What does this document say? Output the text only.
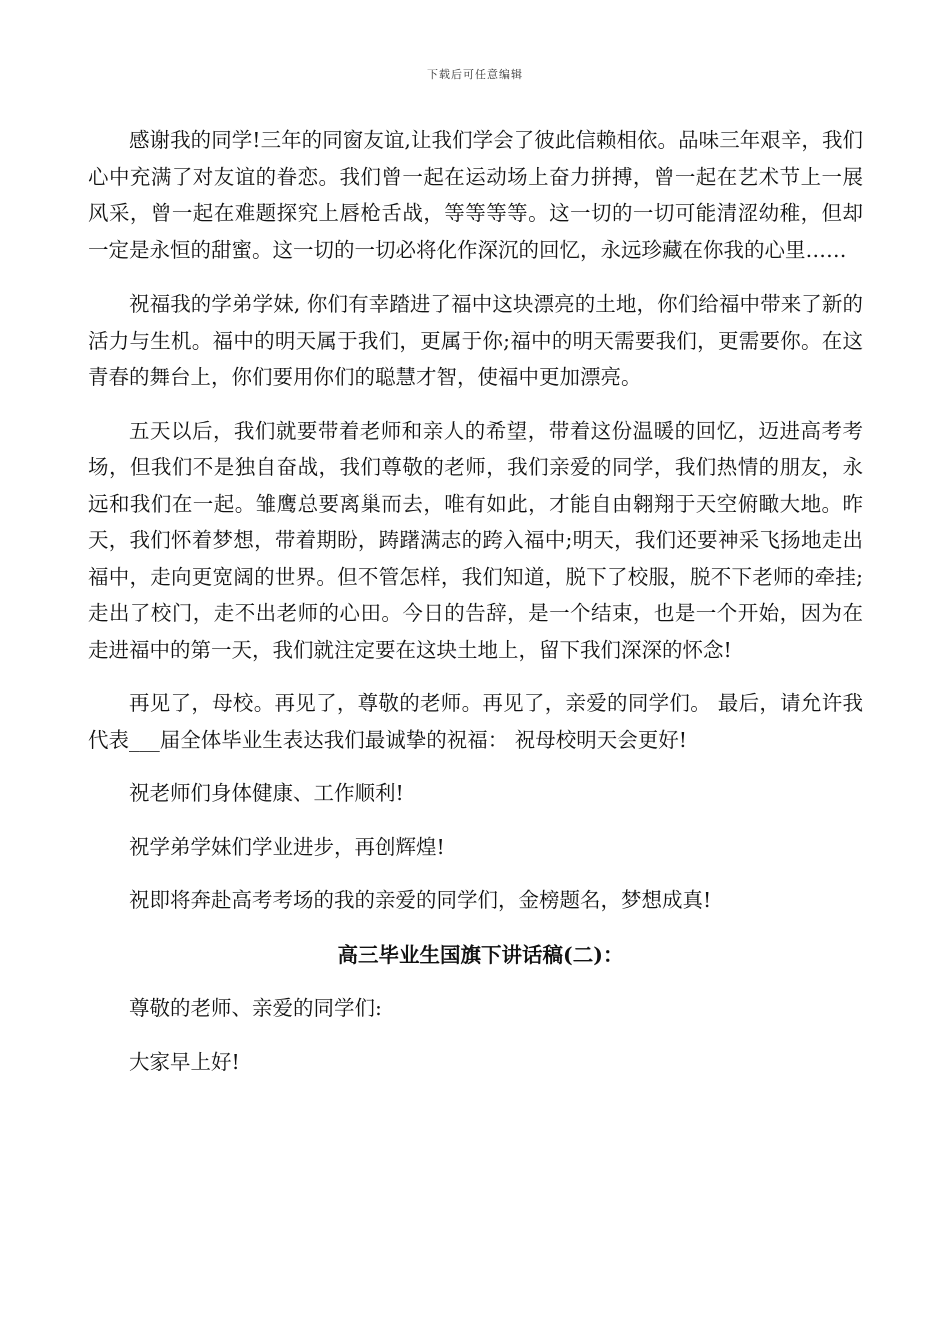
下载后可任意编辑

感谢我的同学!三年的同窗友谊,让我们学会了彼此信赖相依。品味三年艰辛，我们心中充满了对友谊的眷恋。我们曾一起在运动场上奋力拼搏，曾一起在艺术节上一展风采，曾一起在难题探究上唇枪舌战，等等等等。这一切的一切可能清涩幼稚，但却一定是永恒的甜蜜。这一切的一切必将化作深沉的回忆，永远珍藏在你我的心里……

祝福我的学弟学妹, 你们有幸踏进了福中这块漂亮的土地，你们给福中带来了新的活力与生机。福中的明天属于我们，更属于你;福中的明天需要我们，更需要你。在这青春的舞台上，你们要用你们的聪慧才智，使福中更加漂亮。

五天以后，我们就要带着老师和亲人的希望，带着这份温暖的回忆，迈进高考考场，但我们不是独自奋战，我们尊敬的老师，我们亲爱的同学，我们热情的朋友，永远和我们在一起。雏鹰总要离巢而去，唯有如此，才能自由翱翔于天空俯瞰大地。昨天，我们怀着梦想，带着期盼，踌躇满志的跨入福中;明天，我们还要神采飞扬地走出福中，走向更宽阔的世界。但不管怎样，我们知道，脱下了校服，脱不下老师的牵挂;走出了校门，走不出老师的心田。今日的告辞，是一个结束，也是一个开始，因为在走进福中的第一天，我们就注定要在这块土地上，留下我们深深的怀念!

再见了，母校。再见了，尊敬的老师。再见了，亲爱的同学们。 最后，请允许我代表___届全体毕业生表达我们最诚挚的祝福： 祝母校明天会更好!

祝老师们身体健康、工作顺利!

祝学弟学妹们学业进步，再创辉煌!

祝即将奔赴高考考场的我的亲爱的同学们，金榜题名，梦想成真!

高三毕业生国旗下讲话稿(二)：

尊敬的老师、亲爱的同学们:

大家早上好!
